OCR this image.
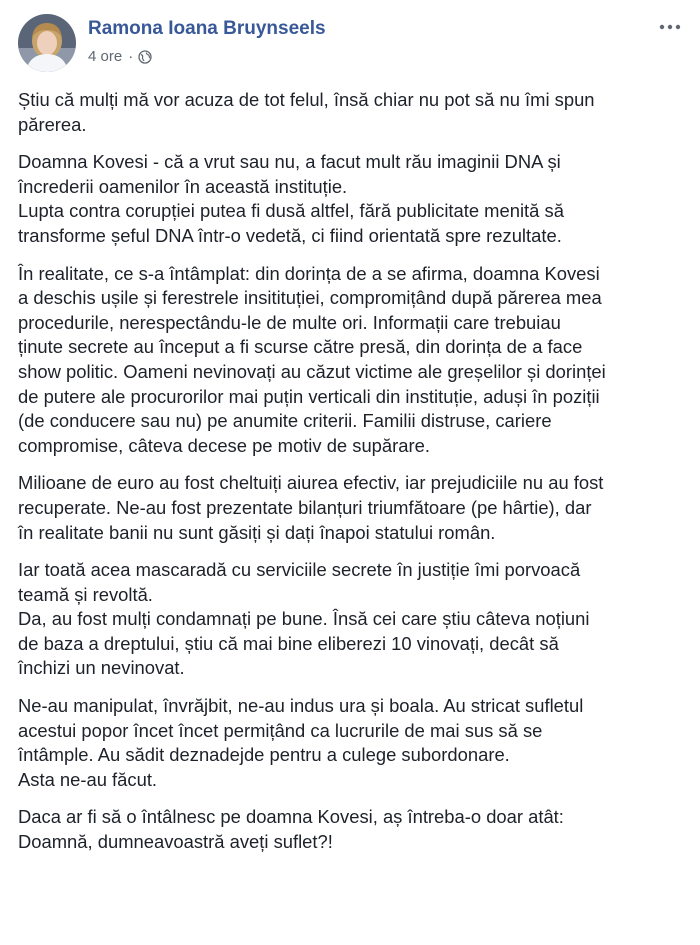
Ramona Ioana Bruynseels
4 ore ·

Știu că mulți mă vor acuza de tot felul, însă chiar nu pot să nu îmi spun
părerea.

Doamna Kovesi - că a vrut sau nu, a facut mult rău imaginii DNA și
încrederii oamenilor în această instituție.
Lupta contra corupției putea fi dusă altfel, fără publicitate menită să
transforme șeful DNA într-o vedetă, ci fiind orientată spre rezultate.

În realitate, ce s-a întâmplat: din dorința de a se afirma, doamna Kovesi
a deschis ușile și ferestrele insitituției, compromițând după părerea mea
procedurile, nerespectându-le de multe ori. Informații care trebuiau
ținute secrete au început a fi scurse către presă, din dorința de a face
show politic. Oameni nevinovați au căzut victime ale greșelilor și dorinței
de putere ale procurorilor mai puțin verticali din instituție, aduși în poziții
(de conducere sau nu) pe anumite criterii. Familii distruse, cariere
compromise, câteva decese pe motiv de supărare.

Milioane de euro au fost cheltuiți aiurea efectiv, iar prejudiciile nu au fost
recuperate. Ne-au fost prezentate bilanțuri triumfătoare (pe hârtie), dar
în realitate banii nu sunt găsiți și dați înapoi statului român.

Iar toată acea mascaradă cu serviciile secrete în justiție îmi porvoacă
teamă și revoltă.
Da, au fost mulți condamnați pe bune. Însă cei care știu câteva noțiuni
de baza a dreptului, știu că mai bine eliberezi 10 vinovați, decât să
închizi un nevinovat.

Ne-au manipulat, învrăjbit, ne-au indus ura și boala. Au stricat sufletul
acestui popor încet încet permițând ca lucrurile de mai sus să se
întâmple. Au sădit deznadejde pentru a culege subordonare.
Asta ne-au făcut.

Daca ar fi să o întâlnesc pe doamna Kovesi, aș întreba-o doar atât:
Doamnă, dumneavoastră aveți suflet?!
